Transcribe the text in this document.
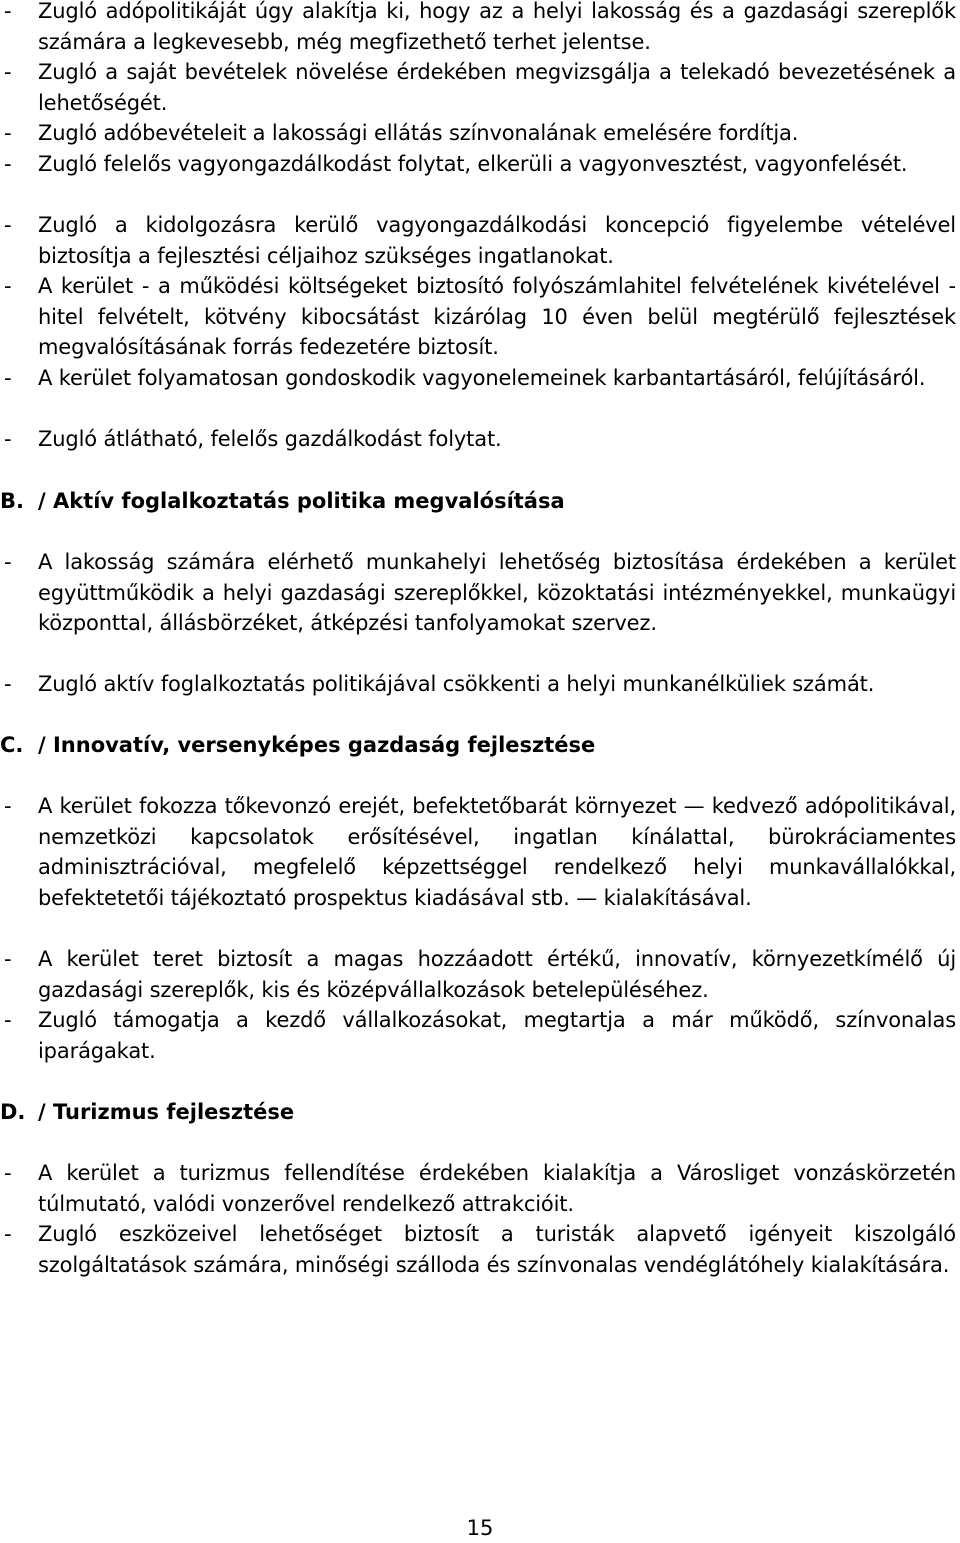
- Zugló adópolitikáját úgy alakítja ki, hogy az a helyi lakosság és a gazdasági szereplők számára a legkevesebb, még megfizethető terhet jelentse.
- Zugló a saját bevételek növelése érdekében megvizsgálja a telekadó bevezetésének a lehetőségét.
- Zugló adóbevételeit a lakossági ellátás színvonalának emelésére fordítja.
- Zugló felelős vagyongazdálkodást folytat, elkerüli a vagyonvesztést, vagyonfelését.
- Zugló a kidolgozásra kerülő vagyongazdálkodási koncepció figyelembe vételével biztosítja a fejlesztési céljaihoz szükséges ingatlanokat.
- A kerület - a működési költségeket biztosító folyószámlahitel felvételének kivételével - hitel felvételt, kötvény kibocsátást kizárólag 10 éven belül megtérülő fejlesztések megvalósításának forrás fedezetére biztosít.
- A kerület folyamatosan gondoskodik vagyonelemeinek karbantartásáról, felújításáról.
- Zugló átlátható, felelős gazdálkodást folytat.
B. / Aktív foglalkoztatás politika megvalósítása
- A lakosság számára elérhető munkahelyi lehetőség biztosítása érdekében a kerület együttműködik a helyi gazdasági szereplőkkel, közoktatási intézményekkel, munkaügyi központtal, állásbörzéket, átképzési tanfolyamokat szervez.
- Zugló aktív foglalkoztatás politikájával csökkenti a helyi munkanélküliek számát.
C. / Innovatív, versenyképes gazdaság fejlesztése
- A kerület fokozza tőkevonzó erejét, befektetőbarát környezet — kedvező adópolitikával, nemzetközi kapcsolatok erősítésével, ingatlan kínálattal, bürokráciamentes adminisztrációval, megfelelő képzettséggel rendelkező helyi munkavállalókkal, befektetetői tájékoztató prospektus kiadásával stb. — kialakításával.
- A kerület teret biztosít a magas hozzáadott értékű, innovatív, környezetkímélő új gazdasági szereplők, kis és középvállalkozások betelepüléséhez.
- Zugló támogatja a kezdő vállalkozásokat, megtartja a már működő, színvonalas iparágakat.
D. / Turizmus fejlesztése
- A kerület a turizmus fellendítése érdekében kialakítja a Városliget vonzáskörzetén túlmutató, valódi vonzerővel rendelkező attrakcióit.
- Zugló eszközeivel lehetőséget biztosít a turisták alapvető igényeit kiszolgáló szolgáltatások számára, minőségi szálloda és színvonalas vendéglátóhely kialakítására.
15
